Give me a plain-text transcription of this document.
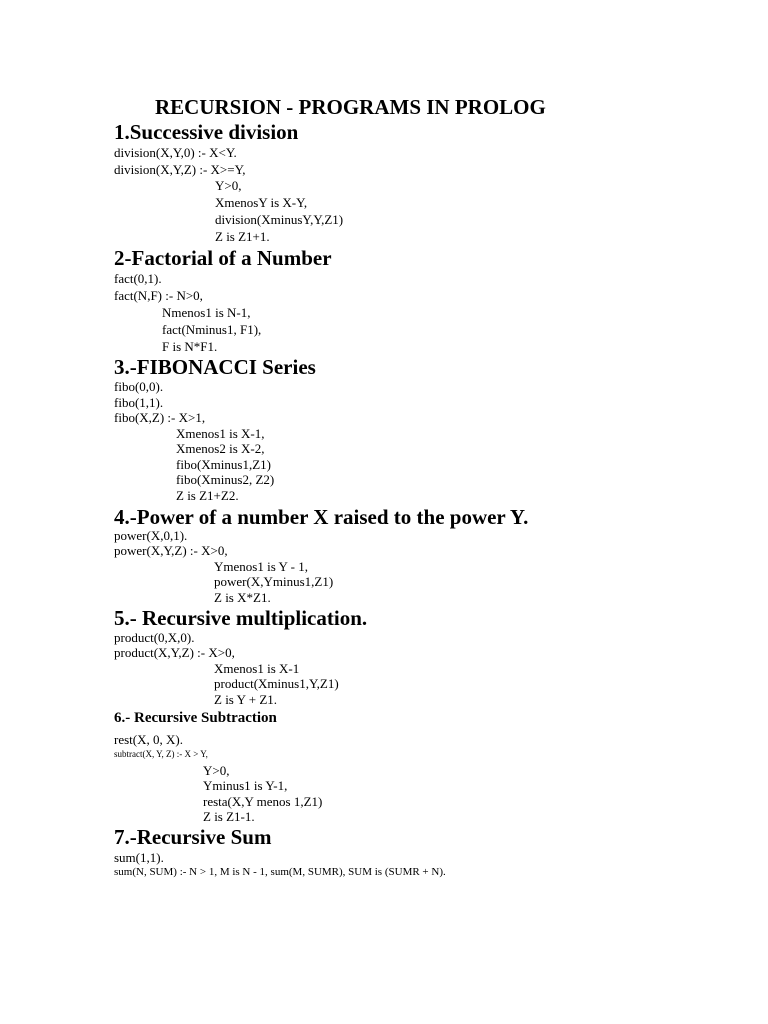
RECURSION - PROGRAMS IN PROLOG
1.Successive division
division(X,Y,0) :- X<Y.
division(X,Y,Z) :- X>=Y,
Y>0,
XmenosY is X-Y,
division(XminusY,Y,Z1)
Z is Z1+1.
2-Factorial of a Number
fact(0,1).
fact(N,F) :- N>0,
Nmenos1 is N-1,
fact(Nminus1, F1),
F is N*F1.
3.-FIBONACCI Series
fibo(0,0).
fibo(1,1).
fibo(X,Z) :- X>1,
Xmenos1 is X-1,
Xmenos2 is X-2,
fibo(Xminus1,Z1)
fibo(Xminus2, Z2)
Z is Z1+Z2.
4.-Power of a number X raised to the power Y.
power(X,0,1).
power(X,Y,Z) :- X>0,
Ymenos1 is Y - 1,
power(X,Yminus1,Z1)
Z is X*Z1.
5.- Recursive multiplication.
product(0,X,0).
product(X,Y,Z) :- X>0,
Xmenos1 is X-1
product(Xminus1,Y,Z1)
Z is Y + Z1.
6.- Recursive Subtraction
rest(X, 0, X).
subtract(X, Y, Z) :- X > Y,
Y>0,
Yminus1 is Y-1,
resta(X,Y menos 1,Z1)
Z is Z1-1.
7.-Recursive Sum
sum(1,1).
sum(N, SUM) :- N > 1, M is N - 1, sum(M, SUMR), SUM is (SUMR + N).
